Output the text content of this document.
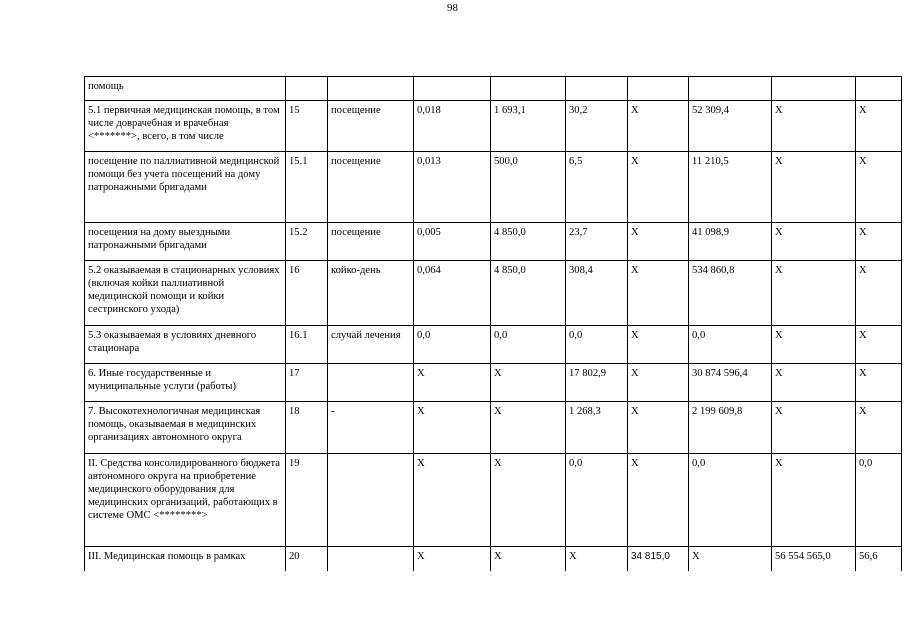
98
помощь									
5.1 первичная медицинская помощь, в том числе доврачебная и врачебная <*******>, всего, в том числе	15	посещение	0,018	1 693,1	30,2	X	52 309,4	X	X
посещение по паллиативной медицинской помощи без учета посещений на дому патронажными бригадами	15.1	посещение	0,013	500,0	6,5	X	11 210,5	X	X
посещения на дому выездными патронажными бригадами	15.2	посещение	0,005	4 850,0	23,7	X	41 098,9	X	X
5.2 оказываемая в стационарных условиях (включая койки паллиативной медицинской помощи и койки сестринского ухода)	16	койко-день	0,064	4 850,0	308,4	X	534 860,8	X	X
5.3 оказываемая в условиях дневного стационара	16.1	случай лечения	0,0	0,0	0,0	X	0,0	X	X
6. Иные государственные и муниципальные услуги (работы)	17		X	X	17 802,9	X	30 874 596,4	X	X
7. Высокотехнологичная медицинская помощь, оказываемая в медицинских организациях автономного округа	18	-	X	X	1 268,3	X	2 199 609,8	X	X
II. Средства консолидированного бюджета автономного округа на приобретение медицинского оборудования для медицинских организаций, работающих в системе ОМС <********>	19		X	X	0,0	X	0,0	X	0,0
III. Медицинская помощь в рамках	20		X	X	X	34 815,0	X	56 554 565,0	56,6
